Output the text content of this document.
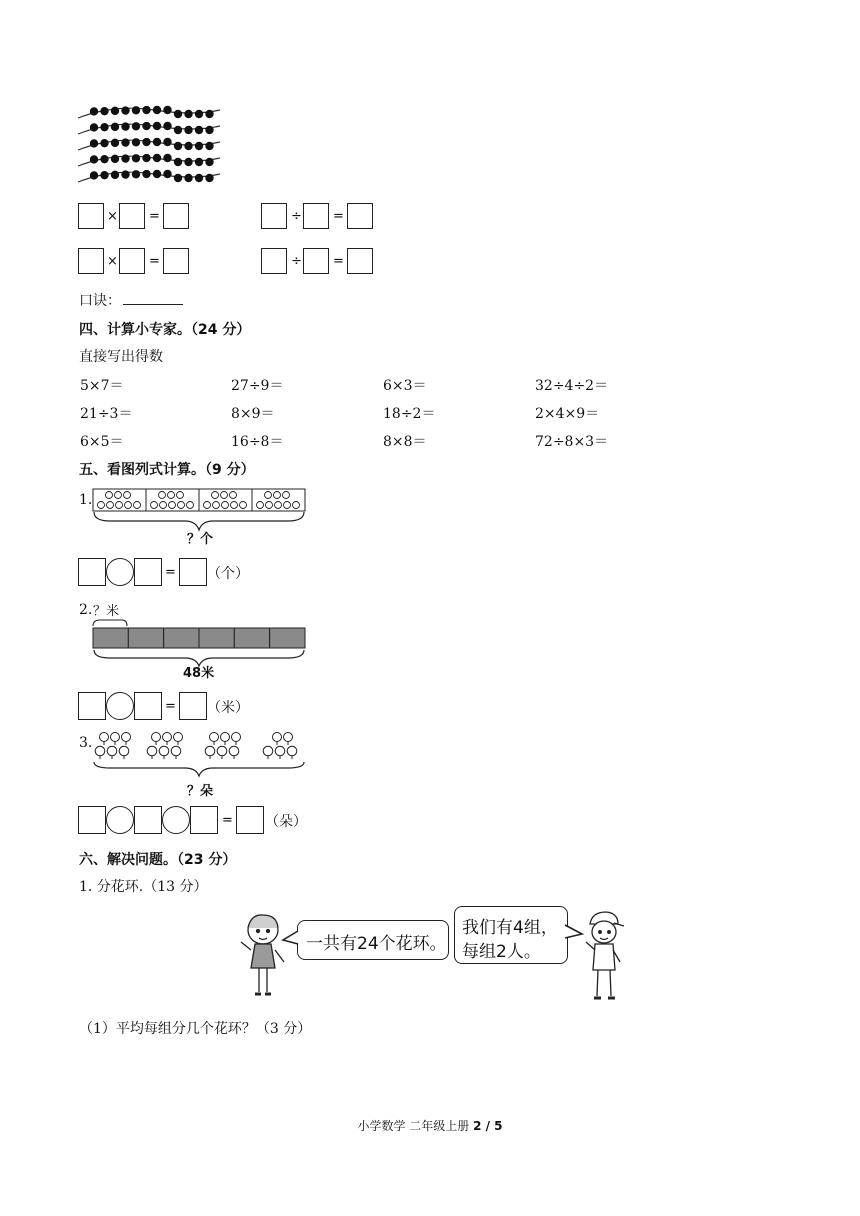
× =	÷ =
× =	÷ =
口诀：
四、计算小专家。（24 分）
直接写出得数
5×7＝	27÷9＝	6×3＝	32÷4÷2＝
21÷3＝	8×9＝	18÷2＝	2×4×9＝
6×5＝	16÷8＝	8×8＝	72÷8×3＝
五、看图列式计算。（9 分）
1.
？个
= （个）
2. ？米
48米
= （米）
3.
？朵
= （朵）
六、解决问题。（23 分）
1. 分花环.（13 分）
一共有24个花环。
我们有4组，
每组2人。
（1）平均每组分几个花环？（3 分）
小学数学 二年级上册 2 / 5
